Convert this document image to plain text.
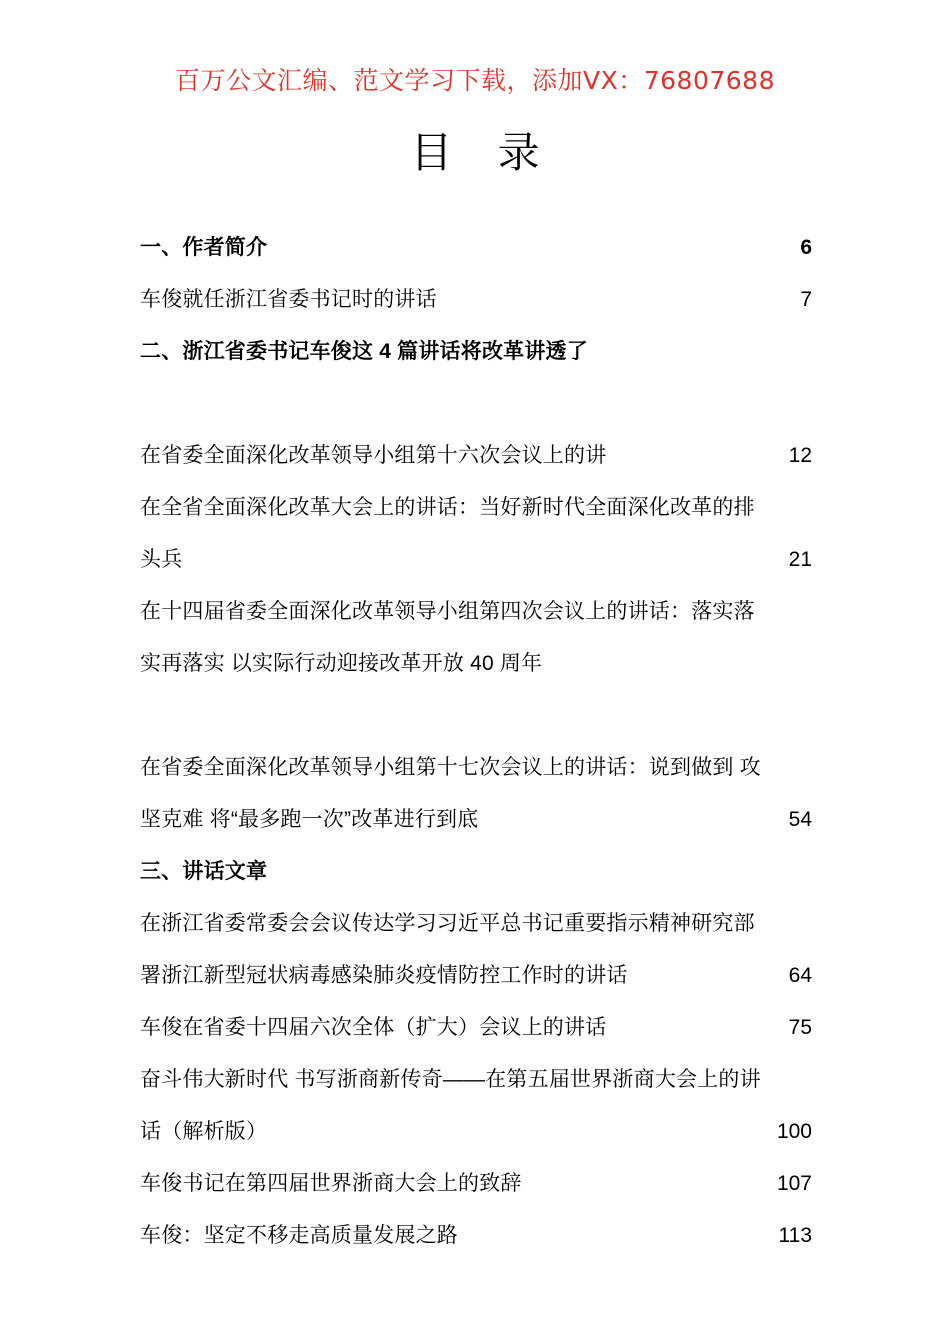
百万公文汇编、范文学习下载，添加VX：76807688
目 录
一、作者简介 .....	6
车俊就任浙江省委书记时的讲话 .....	7
二、浙江省委书记车俊这 4 篇讲话将改革讲透了
.....
在省委全面深化改革领导小组第十六次会议上的讲 .....	12
在全省全面深化改革大会上的讲话：当好新时代全面深化改革的排
头兵 .....	21
在十四届省委全面深化改革领导小组第四次会议上的讲话：落实落
实再落实 以实际行动迎接改革开放 40 周年
.....
在省委全面深化改革领导小组第十七次会议上的讲话：说到做到 攻
坚克难 将“最多跑一次”改革进行到底 .....	54
三、讲话文章
在浙江省委常委会会议传达学习习近平总书记重要指示精神研究部
署浙江新型冠状病毒感染肺炎疫情防控工作时的讲话 .....	64
车俊在省委十四届六次全体（扩大）会议上的讲话 .....	75
奋斗伟大新时代 书写浙商新传奇——在第五届世界浙商大会上的讲
话（解析版） .....	100
车俊书记在第四届世界浙商大会上的致辞 .....	107
车俊：坚定不移走高质量发展之路 .....	113
